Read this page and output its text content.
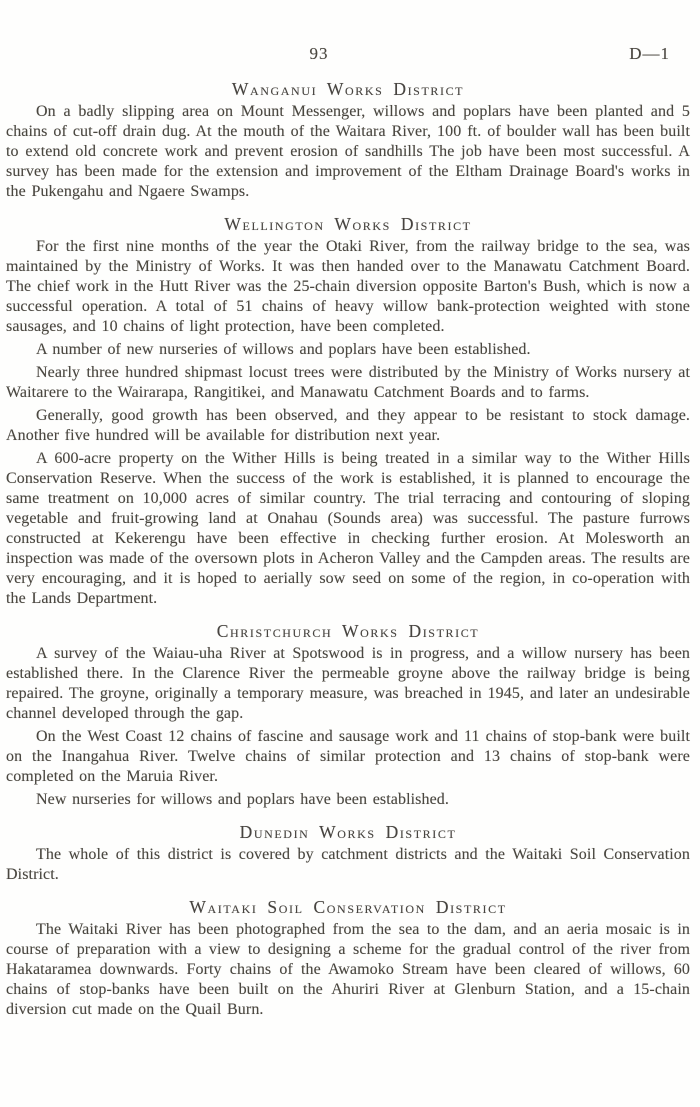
93	D—1
Wanganui Works District

On a badly slipping area on Mount Messenger, willows and poplars have been planted and 5 chains of cut-off drain dug. At the mouth of the Waitara River, 100 ft. of boulder wall has been built to extend old concrete work and prevent erosion of sandhills The job have been most successful. A survey has been made for the extension and improvement of the Eltham Drainage Board's works in the Pukengahu and Ngaere Swamps.

Wellington Works District

For the first nine months of the year the Otaki River, from the railway bridge to the sea, was maintained by the Ministry of Works. It was then handed over to the Manawatu Catchment Board. The chief work in the Hutt River was the 25-chain diversion opposite Barton's Bush, which is now a successful operation. A total of 51 chains of heavy willow bank-protection weighted with stone sausages, and 10 chains of light protection, have been completed.

A number of new nurseries of willows and poplars have been established.

Nearly three hundred shipmast locust trees were distributed by the Ministry of Works nursery at Waitarere to the Wairarapa, Rangitikei, and Manawatu Catchment Boards and to farms.

Generally, good growth has been observed, and they appear to be resistant to stock damage. Another five hundred will be available for distribution next year.

A 600-acre property on the Wither Hills is being treated in a similar way to the Wither Hills Conservation Reserve. When the success of the work is established, it is planned to encourage the same treatment on 10,000 acres of similar country. The trial terracing and contouring of sloping vegetable and fruit-growing land at Onahau (Sounds area) was successful. The pasture furrows constructed at Kekerengu have been effective in checking further erosion. At Molesworth an inspection was made of the oversown plots in Acheron Valley and the Campden areas. The results are very encouraging, and it is hoped to aerially sow seed on some of the region, in co-operation with the Lands Department.

Christchurch Works District

A survey of the Waiau-uha River at Spotswood is in progress, and a willow nursery has been established there. In the Clarence River the permeable groyne above the railway bridge is being repaired. The groyne, originally a temporary measure, was breached in 1945, and later an undesirable channel developed through the gap.

On the West Coast 12 chains of fascine and sausage work and 11 chains of stop-bank were built on the Inangahua River. Twelve chains of similar protection and 13 chains of stop-bank were completed on the Maruia River.

New nurseries for willows and poplars have been established.

Dunedin Works District

The whole of this district is covered by catchment districts and the Waitaki Soil Conservation District.

Waitaki Soil Conservation District

The Waitaki River has been photographed from the sea to the dam, and an aeria mosaic is in course of preparation with a view to designing a scheme for the gradual control of the river from Hakataramea downwards. Forty chains of the Awamoko Stream have been cleared of willows, 60 chains of stop-banks have been built on the Ahuriri River at Glenburn Station, and a 15-chain diversion cut made on the Quail Burn.
